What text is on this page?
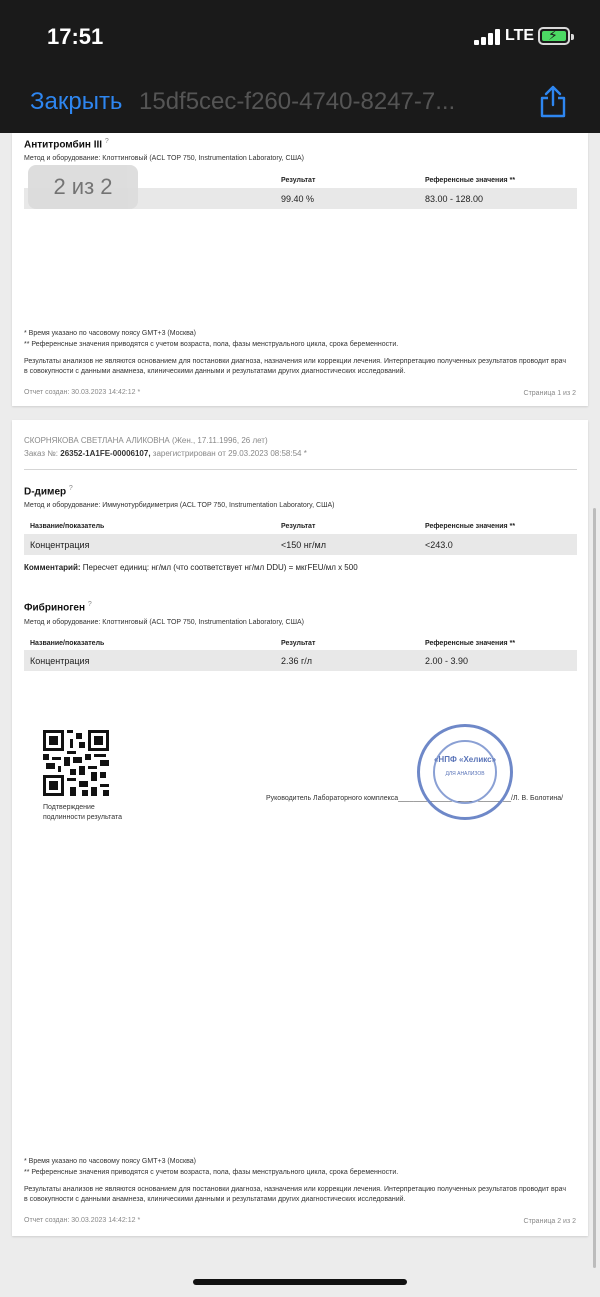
17:51	LTE ⚡
Закрыть 15df5cec-f260-4740-8247-7...
Антитромбин III ?
Метод и оборудование: Клоттинговый (ACL TOP 750, Instrumentation Laboratory, США)
Результат	Референсные значения **
99.40 %	83.00 - 128.00
* Время указано по часовому поясу GMT+3 (Москва)
** Референсные значения приводятся с учетом возраста, пола, фазы менструального цикла, срока беременности.
Результаты анализов не являются основанием для постановки диагноза, назначения или коррекции лечения. Интерпретацию полученных результатов проводит врач
в совокупности с данными анамнеза, клиническими данными и результатами других диагностических исследований.
Отчет создан: 30.03.2023 14:42:12 *	Страница 1 из 2
2 из 2
СКОРНЯКОВА СВЕТЛАНА АЛИКОВНА (Жен., 17.11.1996, 26 лет)
Заказ №: 26352-1A1FE-00006107, зарегистрирован от 29.03.2023 08:58:54 *
D-димер ?
Метод и оборудование: Иммунотурбидиметрия (ACL TOP 750, Instrumentation Laboratory, США)
Название/показатель	Результат	Референсные значения **
Концентрация	<150 нг/мл	<243.0
Комментарий: Пересчет единиц: нг/мл (что соответствует нг/мл DDU) = мкгFEU/мл х 500
Фибриноген ?
Метод и оборудование: Клоттинговый (ACL TOP 750, Instrumentation Laboratory, США)
Название/показатель	Результат	Референсные значения **
Концентрация	2.36 г/л	2.00 - 3.90
Подтверждение
подлинности результата
Руководитель Лабораторного комплекса_____________________________/Л. В. Болотина/
«НПФ «Хеликс»
ДЛЯ АНАЛИЗОВ
* Время указано по часовому поясу GMT+3 (Москва)
** Референсные значения приводятся с учетом возраста, пола, фазы менструального цикла, срока беременности.
Результаты анализов не являются основанием для постановки диагноза, назначения или коррекции лечения. Интерпретацию полученных результатов проводит врач
в совокупности с данными анамнеза, клиническими данными и результатами других диагностических исследований.
Отчет создан: 30.03.2023 14:42:12 *	Страница 2 из 2
